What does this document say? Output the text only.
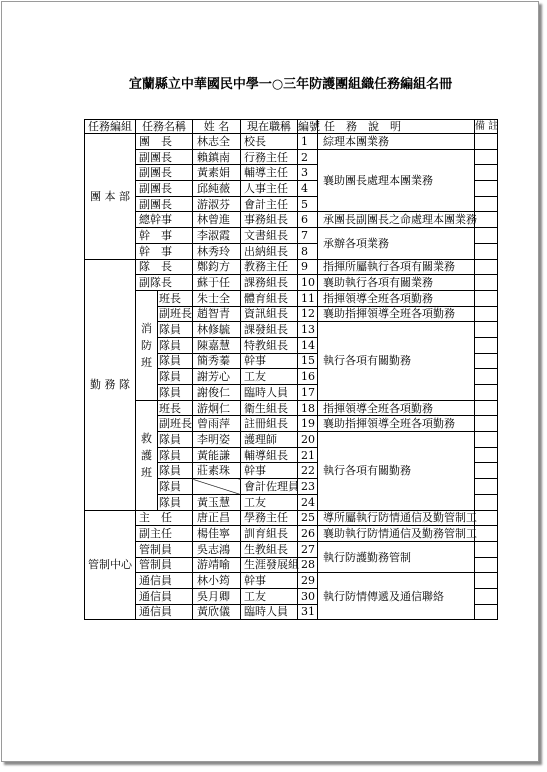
宜蘭縣立中華國民中學一○三年防護團組織任務編組名冊
任務編組	任務名稱		姓 名	現在職稱	編號	任　務　說　明	備 註
團 本 部	團　長		林志全	校長	1	綜理本團業務	
	副團長		賴鎮南	行務主任	2	襄助團長處理本團業務	
	副團長		黃素娟	輔導主任	3		
	副團長		邱純薇	人事主任	4		
	副團長		游淑芬	會計主任	5		
	總幹事		林曾進	事務組長	6	承團長副團長之命處理本團業務	
	幹　事		李淑霞	文書組長	7	承辦各項業務	
	幹　事		林秀玲	出納組長	8		
勤 務 隊	隊　長		鄭鈞方	教務主任	9	指揮所屬執行各項有關業務	
	副隊長		蘇于任	課務組長	10	襄助執行各項有關業務	
	消防班	班長	朱士全	體育組長	11	指揮領導全班各項勤務	
		副班長	趙智青	資訊組長	12	襄助指揮領導全班各項勤務	
		隊員	林修毓	課發組長	13	執行各項有關勤務	
		隊員	陳嘉慧	特教組長	14		
		隊員	簡秀蓁	幹事	15		
		隊員	謝芳心	工友	16		
		隊員	謝俊仁	臨時人員	17		
	救護班	班長	游炯仁	衛生組長	18	指揮領導全班各項勤務	
		副班長	曾雨萍	註冊組長	19	襄助指揮領導全班各項勤務	
		隊員	李明姿	護理師	20	執行各項有關勤務	
		隊員	黃能謙	輔導組長	21		
		隊員	莊素珠	幹事	22		
		隊員		會計佐理員	23		
		隊員	黃玉慧	工友	24		
管制中心	主　任		唐正昌	學務主任	25	導所屬執行防情通信及勤管制工	
	副主任		楊佳寧	訓育組長	26	襄助執行防情通信及勤務管制工	
	管制員		吳志鴻	生教組長	27	執行防護勤務管制	
	管制員		游靖喻	生涯發展組	28		
	通信員		林小筠	幹事	29	執行防情傳遞及通信聯絡	
	通信員		吳月卿	工友	30		
	通信員		黃欣儀	臨時人員	31		
